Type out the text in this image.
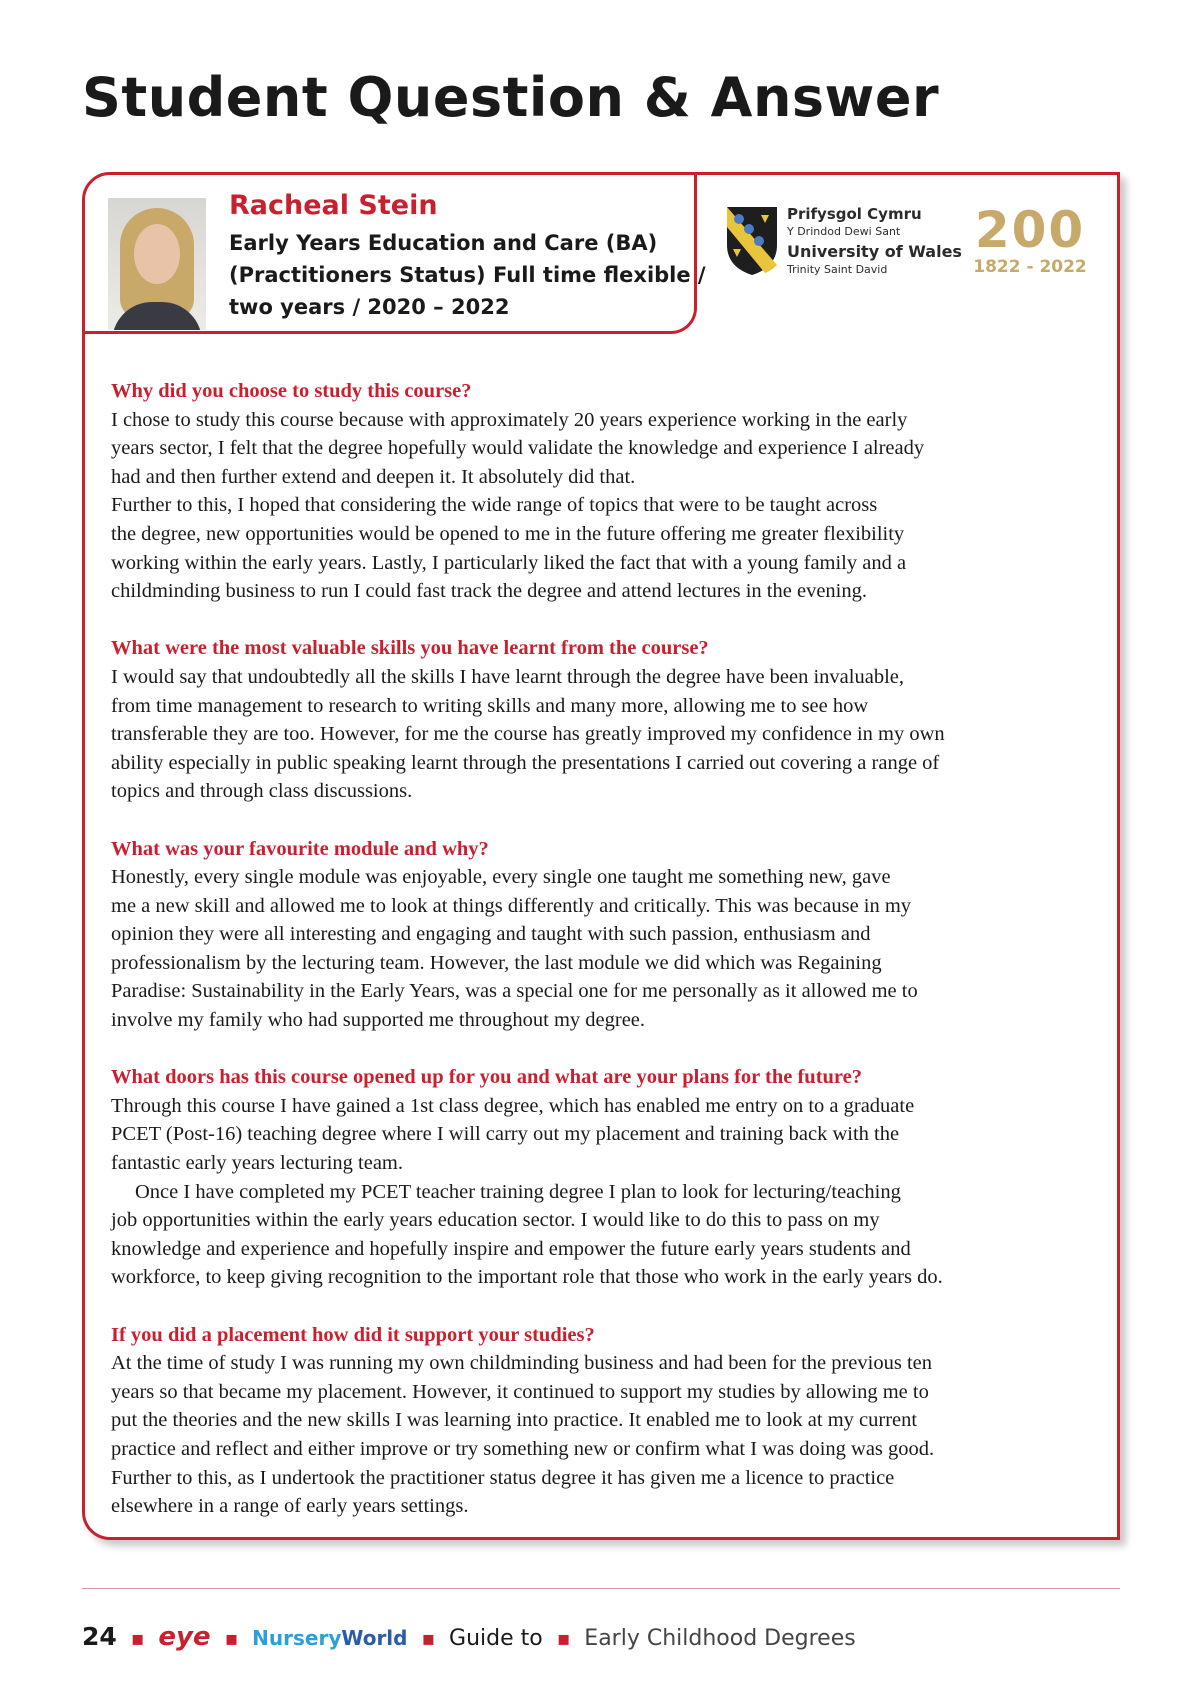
Student Question & Answer
Racheal Stein
Early Years Education and Care (BA)
(Practitioners Status) Full time flexible /
two years / 2020 – 2022
Prifysgol Cymru
Y Drindod Dewi Sant
University of Wales
Trinity Saint David
200
1822 - 2022
Why did you choose to study this course?
I chose to study this course because with approximately 20 years experience working in the early
years sector, I felt that the degree hopefully would validate the knowledge and experience I already
had and then further extend and deepen it. It absolutely did that.
Further to this, I hoped that considering the wide range of topics that were to be taught across
the degree, new opportunities would be opened to me in the future offering me greater flexibility
working within the early years. Lastly, I particularly liked the fact that with a young family and a
childminding business to run I could fast track the degree and attend lectures in the evening.
What were the most valuable skills you have learnt from the course?
I would say that undoubtedly all the skills I have learnt through the degree have been invaluable,
from time management to research to writing skills and many more, allowing me to see how
transferable they are too. However, for me the course has greatly improved my confidence in my own
ability especially in public speaking learnt through the presentations I carried out covering a range of
topics and through class discussions.
What was your favourite module and why?
Honestly, every single module was enjoyable, every single one taught me something new, gave
me a new skill and allowed me to look at things differently and critically. This was because in my
opinion they were all interesting and engaging and taught with such passion, enthusiasm and
professionalism by the lecturing team. However, the last module we did which was Regaining
Paradise: Sustainability in the Early Years, was a special one for me personally as it allowed me to
involve my family who had supported me throughout my degree.
What doors has this course opened up for you and what are your plans for the future?
Through this course I have gained a 1st class degree, which has enabled me entry on to a graduate
PCET (Post-16) teaching degree where I will carry out my placement and training back with the
fantastic early years lecturing team.
Once I have completed my PCET teacher training degree I plan to look for lecturing/teaching
job opportunities within the early years education sector. I would like to do this to pass on my
knowledge and experience and hopefully inspire and empower the future early years students and
workforce, to keep giving recognition to the important role that those who work in the early years do.
If you did a placement how did it support your studies?
At the time of study I was running my own childminding business and had been for the previous ten
years so that became my placement. However, it continued to support my studies by allowing me to
put the theories and the new skills I was learning into practice. It enabled me to look at my current
practice and reflect and either improve or try something new or confirm what I was doing was good.
Further to this, as I undertook the practitioner status degree it has given me a licence to practice
elsewhere in a range of early years settings.
24 ▪ eye ▪ NurseryWorld ▪ Guide to ▪ Early Childhood Degrees
